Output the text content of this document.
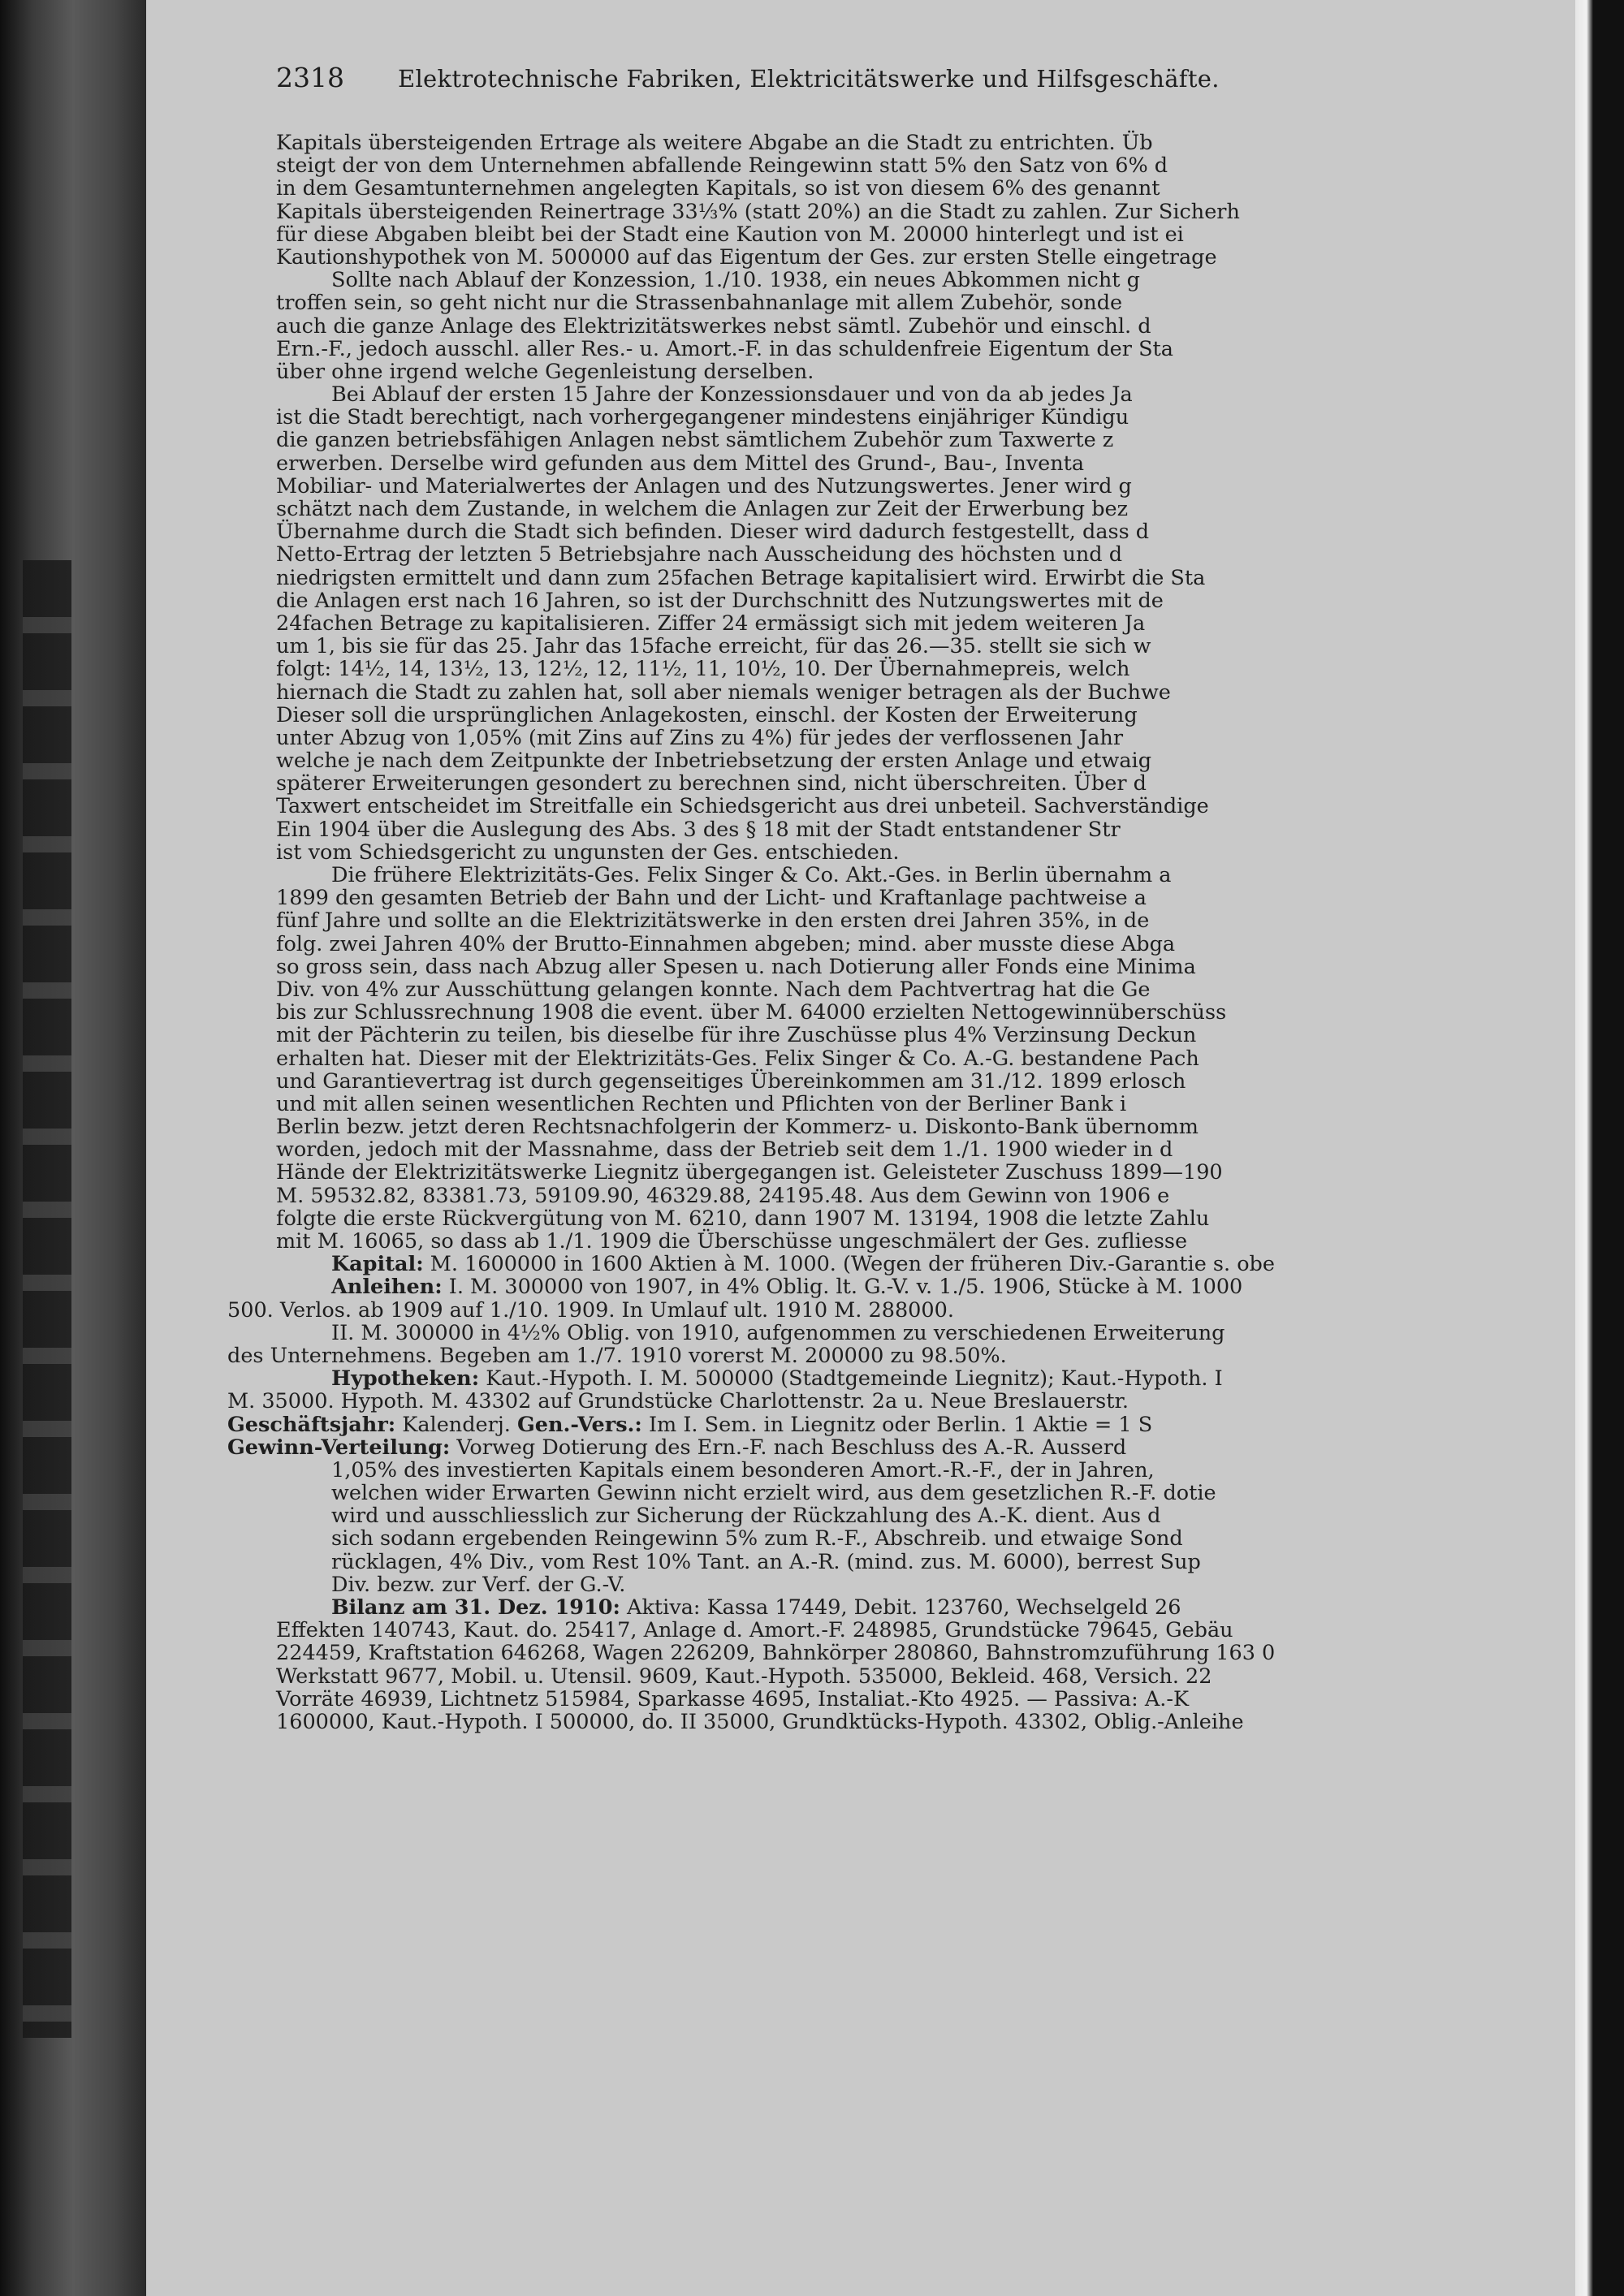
2318 Elektrotechnische Fabriken, Elektricitätswerke und Hilfsgeschäfte.
Kapitals übersteigenden Ertrage als weitere Abgabe an die Stadt zu entrichten. Üb
steigt der von dem Unternehmen abfallende Reingewinn statt 5% den Satz von 6% d
in dem Gesamtunternehmen angelegten Kapitals, so ist von diesem 6% des genannt
Kapitals übersteigenden Reinertrage 33⅓% (statt 20%) an die Stadt zu zahlen. Zur Sicherh
für diese Abgaben bleibt bei der Stadt eine Kaution von M. 20000 hinterlegt und ist ei
Kautionshypothek von M. 500000 auf das Eigentum der Ges. zur ersten Stelle eingetrage
Sollte nach Ablauf der Konzession, 1./10. 1938, ein neues Abkommen nicht g
troffen sein, so geht nicht nur die Strassenbahnanlage mit allem Zubehör, sonde
auch die ganze Anlage des Elektrizitätswerkes nebst sämtl. Zubehör und einschl. d
Ern.-F., jedoch ausschl. aller Res.- u. Amort.-F. in das schuldenfreie Eigentum der Sta
über ohne irgend welche Gegenleistung derselben.
Bei Ablauf der ersten 15 Jahre der Konzessionsdauer und von da ab jedes Ja
ist die Stadt berechtigt, nach vorhergegangener mindestens einjähriger Kündigu
die ganzen betriebsfähigen Anlagen nebst sämtlichem Zubehör zum Taxwerte z
erwerben. Derselbe wird gefunden aus dem Mittel des Grund-, Bau-, Inventa
Mobiliar- und Materialwertes der Anlagen und des Nutzungswertes. Jener wird g
schätzt nach dem Zustande, in welchem die Anlagen zur Zeit der Erwerbung bez
Übernahme durch die Stadt sich befinden. Dieser wird dadurch festgestellt, dass d
Netto-Ertrag der letzten 5 Betriebsjahre nach Ausscheidung des höchsten und d
niedrigsten ermittelt und dann zum 25fachen Betrage kapitalisiert wird. Erwirbt die Sta
die Anlagen erst nach 16 Jahren, so ist der Durchschnitt des Nutzungswertes mit de
24fachen Betrage zu kapitalisieren. Ziffer 24 ermässigt sich mit jedem weiteren Ja
um 1, bis sie für das 25. Jahr das 15fache erreicht, für das 26.—35. stellt sie sich w
folgt: 14½, 14, 13½, 13, 12½, 12, 11½, 11, 10½, 10. Der Übernahmepreis, welch
hiernach die Stadt zu zahlen hat, soll aber niemals weniger betragen als der Buchwe
Dieser soll die ursprünglichen Anlagekosten, einschl. der Kosten der Erweiterung
unter Abzug von 1,05% (mit Zins auf Zins zu 4%) für jedes der verflossenen Jahr
welche je nach dem Zeitpunkte der Inbetriebsetzung der ersten Anlage und etwaig
späterer Erweiterungen gesondert zu berechnen sind, nicht überschreiten. Über d
Taxwert entscheidet im Streitfalle ein Schiedsgericht aus drei unbeteil. Sachverständige
Ein 1904 über die Auslegung des Abs. 3 des § 18 mit der Stadt entstandener Str
ist vom Schiedsgericht zu ungunsten der Ges. entschieden.
Die frühere Elektrizitäts-Ges. Felix Singer & Co. Akt.-Ges. in Berlin übernahm a
1899 den gesamten Betrieb der Bahn und der Licht- und Kraftanlage pachtweise a
fünf Jahre und sollte an die Elektrizitätswerke in den ersten drei Jahren 35%, in de
folg. zwei Jahren 40% der Brutto-Einnahmen abgeben; mind. aber musste diese Abga
so gross sein, dass nach Abzug aller Spesen u. nach Dotierung aller Fonds eine Minima
Div. von 4% zur Ausschüttung gelangen konnte. Nach dem Pachtvertrag hat die Ge
bis zur Schlussrechnung 1908 die event. über M. 64000 erzielten Nettogewinnüberschüss
mit der Pächterin zu teilen, bis dieselbe für ihre Zuschüsse plus 4% Verzinsung Deckun
erhalten hat. Dieser mit der Elektrizitäts-Ges. Felix Singer & Co. A.-G. bestandene Pach
und Garantievertrag ist durch gegenseitiges Übereinkommen am 31./12. 1899 erlosch
und mit allen seinen wesentlichen Rechten und Pflichten von der Berliner Bank i
Berlin bezw. jetzt deren Rechtsnachfolgerin der Kommerz- u. Diskonto-Bank übernomm
worden, jedoch mit der Massnahme, dass der Betrieb seit dem 1./1. 1900 wieder in d
Hände der Elektrizitätswerke Liegnitz übergegangen ist. Geleisteter Zuschuss 1899—190
M. 59532.82, 83381.73, 59109.90, 46329.88, 24195.48. Aus dem Gewinn von 1906 e
folgte die erste Rückvergütung von M. 6210, dann 1907 M. 13194, 1908 die letzte Zahlu
mit M. 16065, so dass ab 1./1. 1909 die Überschüsse ungeschmälert der Ges. zufliesse
Kapital: M. 1600000 in 1600 Aktien à M. 1000. (Wegen der früheren Div.-Garantie s. obe
Anleihen: I. M. 300000 von 1907, in 4% Oblig. lt. G.-V. v. 1./5. 1906, Stücke à M. 1000
500. Verlos. ab 1909 auf 1./10. 1909. In Umlauf ult. 1910 M. 288000.
II. M. 300000 in 4½% Oblig. von 1910, aufgenommen zu verschiedenen Erweiterung
des Unternehmens. Begeben am 1./7. 1910 vorerst M. 200000 zu 98.50%.
Hypotheken: Kaut.-Hypoth. I. M. 500000 (Stadtgemeinde Liegnitz); Kaut.-Hypoth. I
M. 35000. Hypoth. M. 43302 auf Grundstücke Charlottenstr. 2a u. Neue Breslauerstr.
Geschäftsjahr: Kalenderj. Gen.-Vers.: Im I. Sem. in Liegnitz oder Berlin. 1 Aktie = 1 S
Gewinn-Verteilung: Vorweg Dotierung des Ern.-F. nach Beschluss des A.-R. Ausserd
1,05% des investierten Kapitals einem besonderen Amort.-R.-F., der in Jahren,
welchen wider Erwarten Gewinn nicht erzielt wird, aus dem gesetzlichen R.-F. dotie
wird und ausschliesslich zur Sicherung der Rückzahlung des A.-K. dient. Aus d
sich sodann ergebenden Reingewinn 5% zum R.-F., Abschreib. und etwaige Sond
rücklagen, 4% Div., vom Rest 10% Tant. an A.-R. (mind. zus. M. 6000), berrest Sup
Div. bezw. zur Verf. der G.-V.
Bilanz am 31. Dez. 1910: Aktiva: Kassa 17449, Debit. 123760, Wechselgeld 26
Effekten 140743, Kaut. do. 25417, Anlage d. Amort.-F. 248985, Grundstücke 79645, Gebäu
224459, Kraftstation 646268, Wagen 226209, Bahnkörper 280860, Bahnstromzuführung 163 0
Werkstatt 9677, Mobil. u. Utensil. 9609, Kaut.-Hypoth. 535000, Bekleid. 468, Versich. 22
Vorräte 46939, Lichtnetz 515984, Sparkasse 4695, Instaliat.-Kto 4925. — Passiva: A.-K
1600000, Kaut.-Hypoth. I 500000, do. II 35000, Grundktücks-Hypoth. 43302, Oblig.-Anleihe
